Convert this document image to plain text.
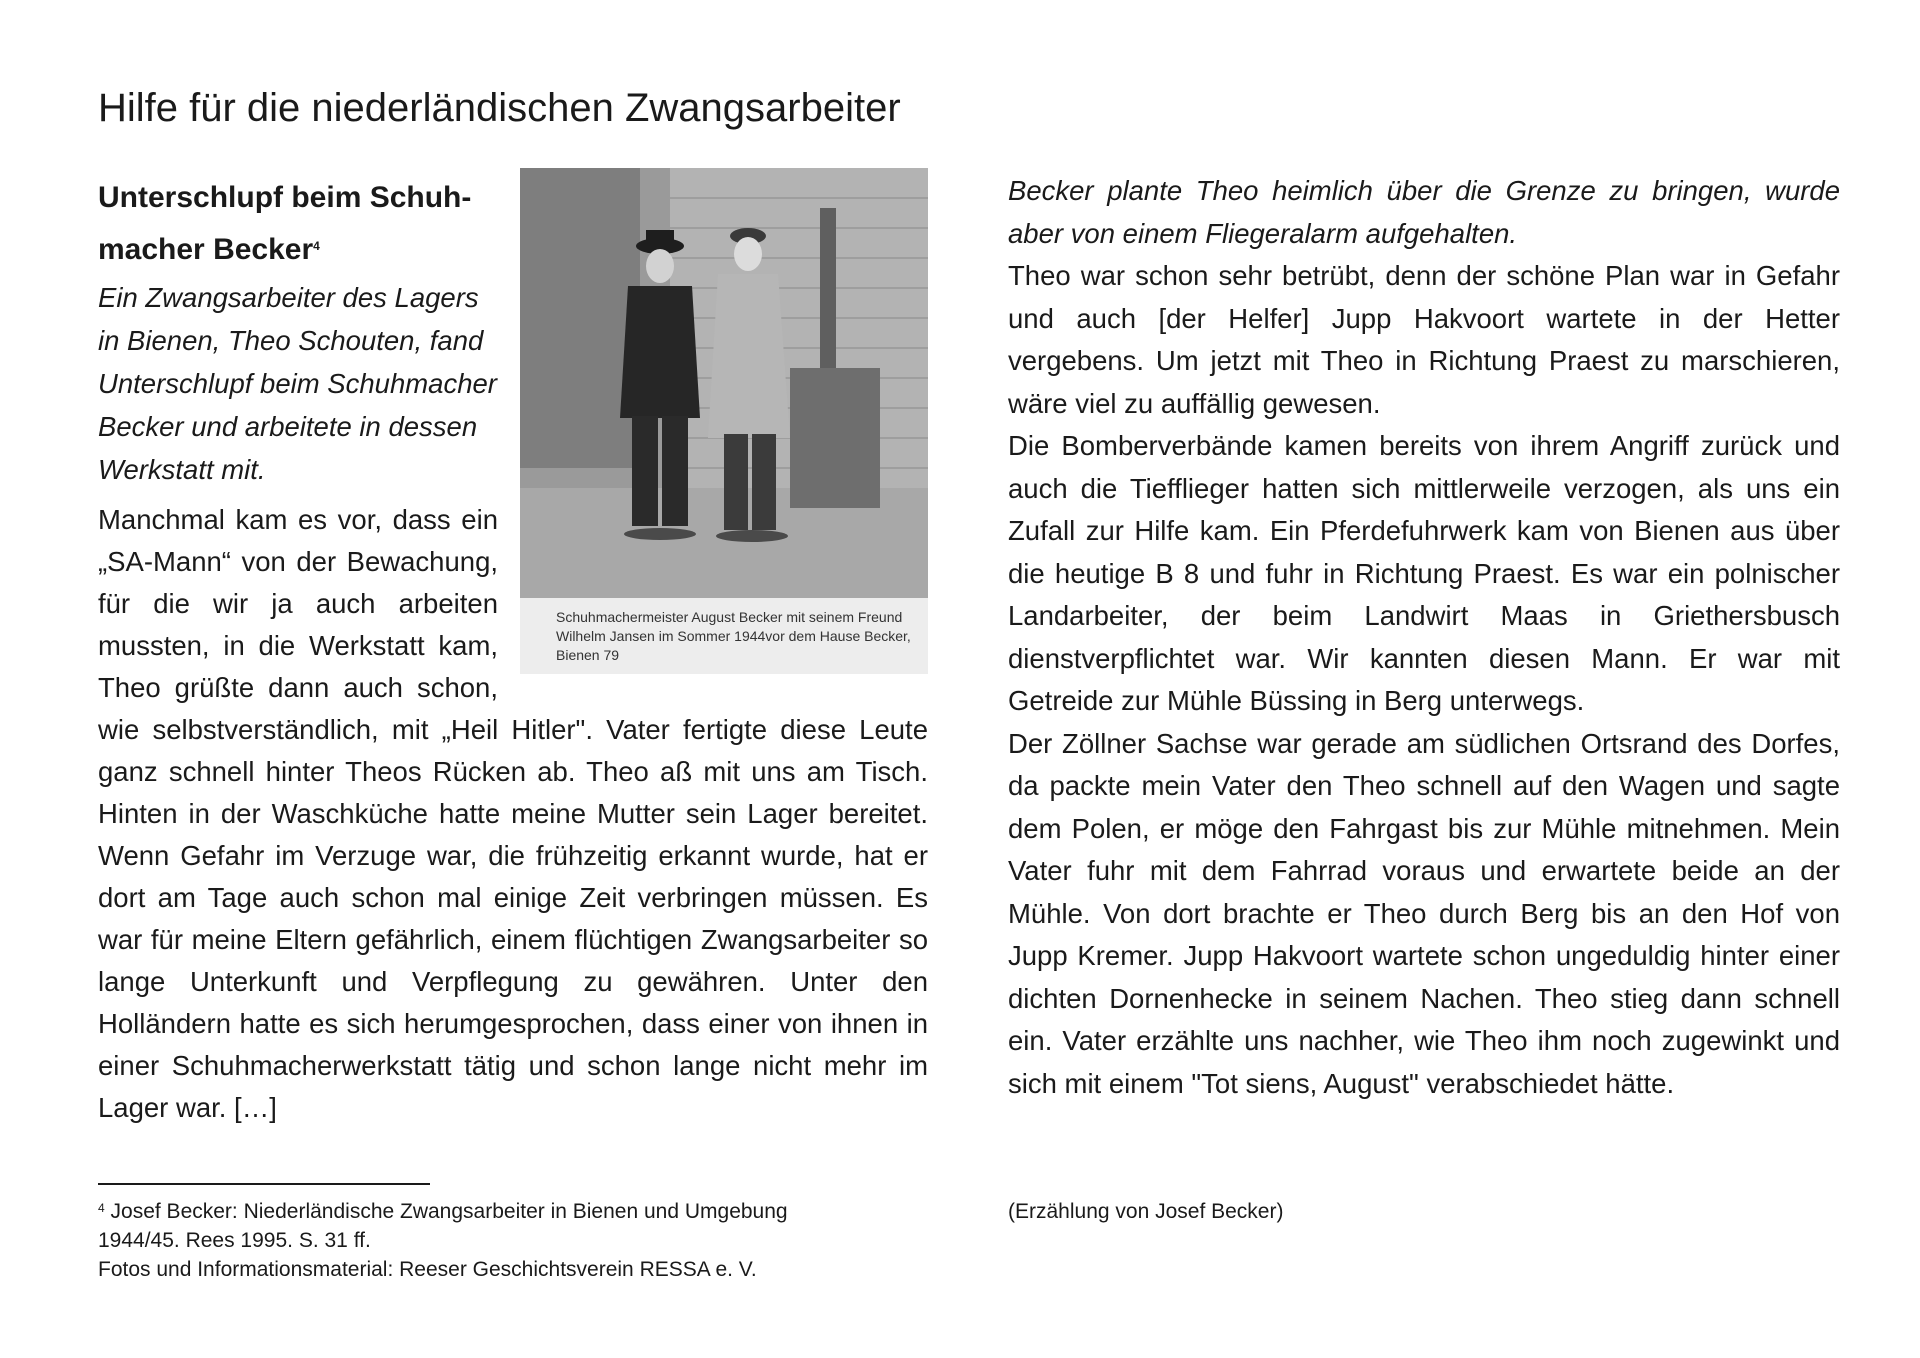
Hilfe für die niederländischen Zwangsarbeiter
Schuhmachermeister August Becker mit seinem Freund Wilhelm Jansen im Sommer 1944vor dem Hause Becker, Bienen 79

Unterschlupf beim Schuh-
macher Becker$^4$

Ein Zwangsarbeiter des Lagers in Bienen, Theo Schouten, fand Unterschlupf beim Schuhmacher Becker und arbeitete in dessen Werkstatt mit.

Manchmal kam es vor, dass ein „SA-Mann“ von der Bewachung, für die wir ja auch arbeiten mussten, in die Werkstatt kam, Theo grüßte dann auch schon, wie selbstverständlich, mit „Heil Hitler". Vater fertigte diese Leute ganz schnell hinter Theos Rücken ab. Theo aß mit uns am Tisch. Hinten in der Waschküche hatte meine Mutter sein Lager bereitet. Wenn Gefahr im Verzuge war, die frühzeitig erkannt wurde, hat er dort am Tage auch schon mal einige Zeit verbringen müssen. Es war für meine Eltern gefährlich, einem flüchtigen Zwangsarbeiter so lange Unterkunft und Verpflegung zu gewähren. Unter den Holländern hatte es sich herumgesprochen, dass einer von ihnen in einer Schuhmacherwerkstatt tätig und schon lange nicht mehr im Lager war. […]

Becker plante Theo heimlich über die Grenze zu bringen, wurde aber von einem Fliegeralarm aufgehalten.

Theo war schon sehr betrübt, denn der schöne Plan war in Gefahr und auch [der Helfer] Jupp Hakvoort wartete in der Hetter vergebens. Um jetzt mit Theo in Richtung Praest zu marschieren, wäre viel zu auffällig gewesen.

Die Bomberverbände kamen bereits von ihrem Angriff zurück und auch die Tiefflieger hatten sich mittlerweile verzogen, als uns ein Zufall zur Hilfe kam. Ein Pferdefuhrwerk kam von Bienen aus über die heutige B 8 und fuhr in Richtung Praest. Es war ein polnischer Landarbeiter, der beim Landwirt Maas in Griethersbusch dienstverpflichtet war. Wir kannten diesen Mann. Er war mit Getreide zur Mühle Büssing in Berg unterwegs.

Der Zöllner Sachse war gerade am südlichen Ortsrand des Dorfes, da packte mein Vater den Theo schnell auf den Wagen und sagte dem Polen, er möge den Fahrgast bis zur Mühle mitnehmen. Mein Vater fuhr mit dem Fahrrad voraus und erwartete beide an der Mühle. Von dort brachte er Theo durch Berg bis an den Hof von Jupp Kremer. Jupp Hakvoort wartete schon ungeduldig hinter einer dichten Dornenhecke in seinem Nachen. Theo stieg dann schnell ein. Vater erzählte uns nachher, wie Theo ihm noch zugewinkt und sich mit einem "Tot siens, August" verabschiedet hätte.

$^4$ Josef Becker: Niederländische Zwangsarbeiter in Bienen und Umgebung
1944/45. Rees 1995. S. 31 ff.

Fotos und Informationsmaterial: Reeser Geschichtsverein RESSA e. V.

(Erzählung von Josef Becker)
